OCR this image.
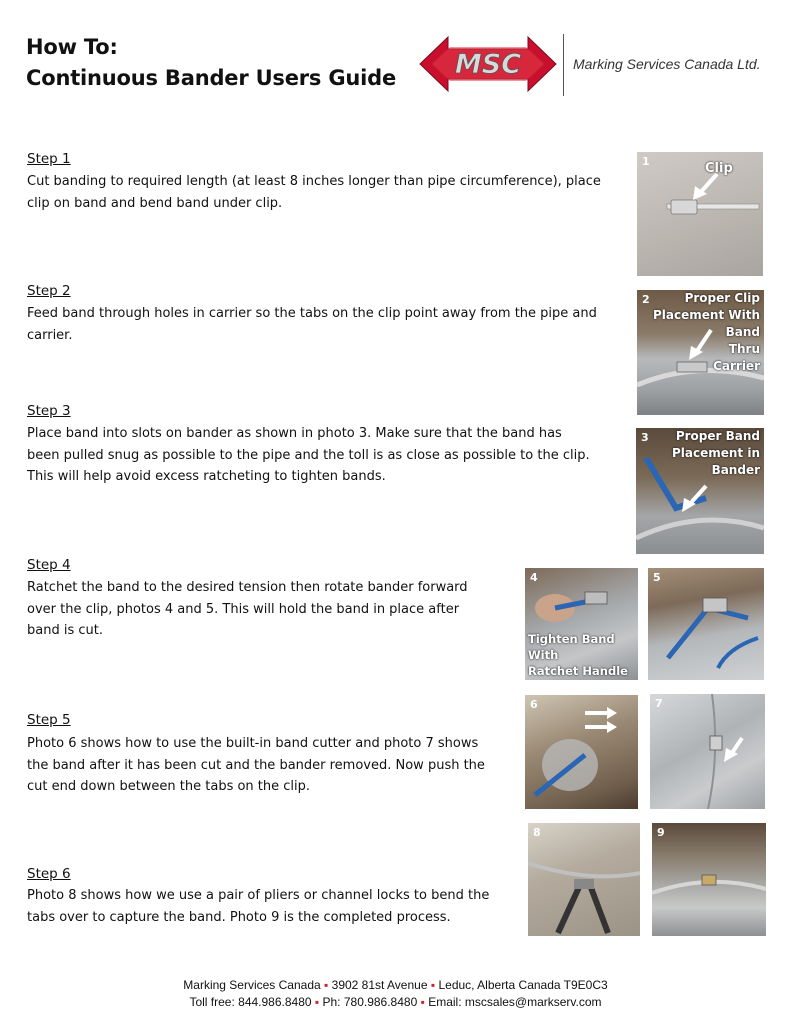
How To:
Continuous Bander Users Guide MSC	Marking Services Canada Ltd.
Step 1
Cut banding to required length (at least 8 inches longer than pipe circumference), place
clip on band and bend band under clip.
Step 2
Feed band through holes in carrier so the tabs on the clip point away from the pipe and
carrier.
Step 3
Place band into slots on bander as shown in photo 3. Make sure that the band has
been pulled snug as possible to the pipe and the toll is as close as possible to the clip.
This will help avoid excess ratcheting to tighten bands.
Step 4
Ratchet the band to the desired tension then rotate bander forward
over the clip, photos 4 and 5. This will hold the band in place after
band is cut.
Step 5
Photo 6 shows how to use the built-in band cutter and photo 7 shows
the band after it has been cut and the bander removed. Now push the
cut end down between the tabs on the clip.
Step 6
Photo 8 shows how we use a pair of pliers or channel locks to bend the
tabs over to capture the band. Photo 9 is the completed process.
1	Clip
2	Proper Clip
Placement With
Band
Thru
Carrier
3	Proper Band
Placement in
Bander
4
Tighten Band With
Ratchet Handle
5
6	7
8	9
Marking Services Canada ▪ 3902 81st Avenue ▪ Leduc, Alberta Canada T9E0C3
Toll free: 844.986.8480 ▪ Ph: 780.986.8480 ▪ Email: mscsales@markserv.com
